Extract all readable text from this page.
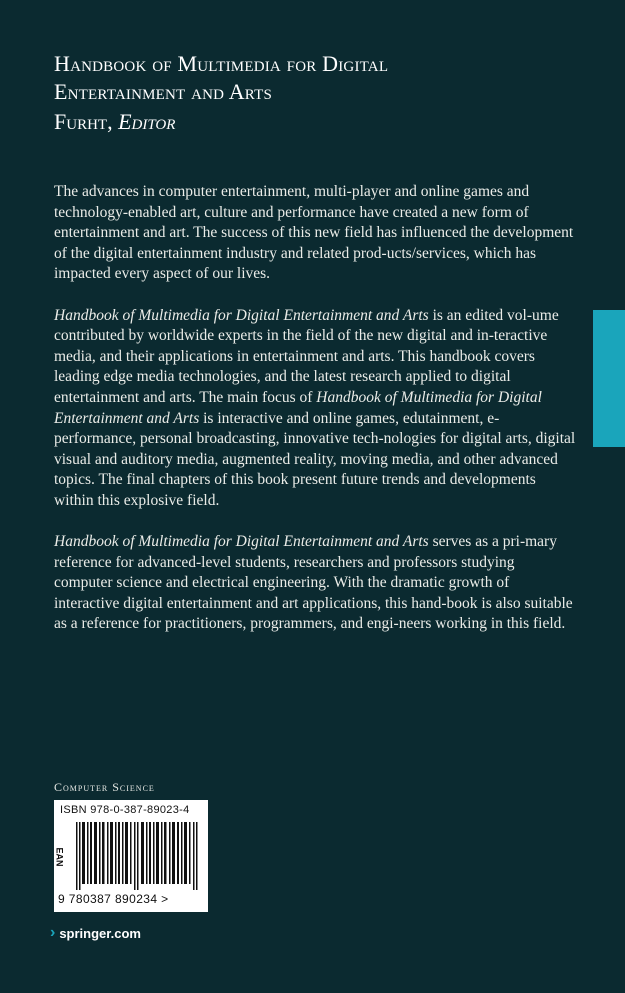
Handbook of Multimedia for Digital
Entertainment and Arts
Furht, Editor

The advances in computer entertainment, multi-player and online games and technology-enabled art, culture and performance have created a new form of entertainment and art. The success of this new field has influenced the development of the digital entertainment industry and related prod-ucts/services, which has impacted every aspect of our lives.

Handbook of Multimedia for Digital Entertainment and Arts is an edited vol-ume contributed by worldwide experts in the field of the new digital and in-teractive media, and their applications in entertainment and arts. This handbook covers leading edge media technologies, and the latest research applied to digital entertainment and arts. The main focus of Handbook of Multimedia for Digital Entertainment and Arts is interactive and online games, edutainment, e-performance, personal broadcasting, innovative tech-nologies for digital arts, digital visual and auditory media, augmented reality, moving media, and other advanced topics. The final chapters of this book present future trends and developments within this explosive field.

Handbook of Multimedia for Digital Entertainment and Arts serves as a pri-mary reference for advanced-level students, researchers and professors studying computer science and electrical engineering. With the dramatic growth of interactive digital entertainment and art applications, this hand-book is also suitable as a reference for practitioners, programmers, and engi-neers working in this field.

Computer Science
ISBN 978-0-387-89023-4
EAN
9 780387 890234 >
› springer.com
